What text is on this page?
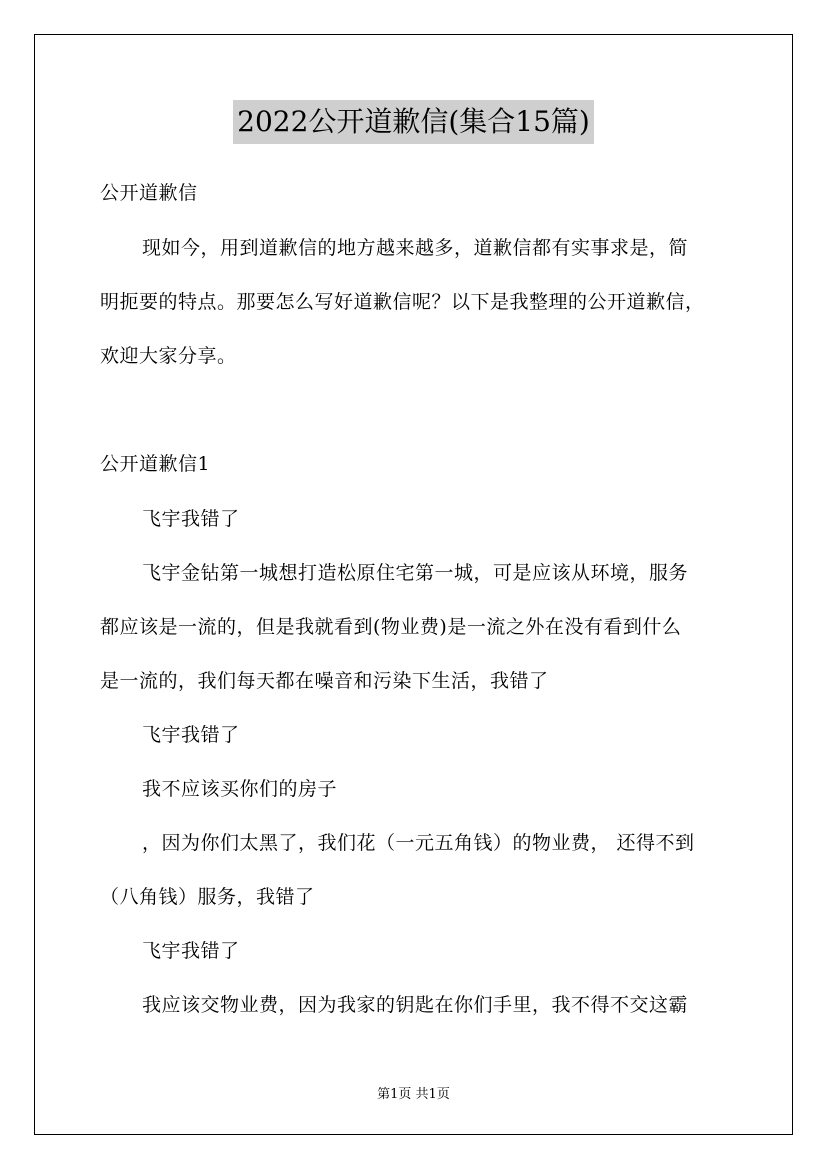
2022公开道歉信(集合15篇)
公开道歉信
现如今，用到道歉信的地方越来越多，道歉信都有实事求是，简
明扼要的特点。那要怎么写好道歉信呢？以下是我整理的公开道歉信，
欢迎大家分享。
公开道歉信1
飞宇我错了
飞宇金钻第一城想打造松原住宅第一城，可是应该从环境，服务
都应该是一流的，但是我就看到(物业费)是一流之外在没有看到什么
是一流的，我们每天都在噪音和污染下生活，我错了
飞宇我错了
我不应该买你们的房子
，因为你们太黑了，我们花（一元五角钱）的物业费， 还得不到
（八角钱）服务，我错了
飞宇我错了
我应该交物业费，因为我家的钥匙在你们手里，我不得不交这霸
第1页 共1页
